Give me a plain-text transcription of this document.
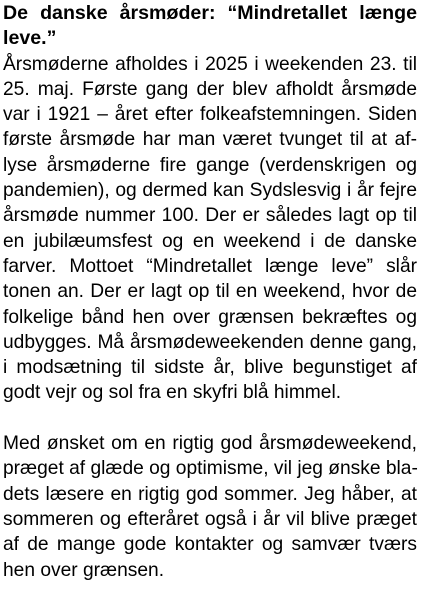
De danske årsmøder: “Mindretallet længe
leve.”

Årsmøderne afholdes i 2025 i weekenden 23. til
25. maj. Første gang der blev afholdt årsmøde
var i 1921 – året efter folkeafstemningen. Siden
første årsmøde har man været tvunget til at af-
lyse årsmøderne fire gange (verdenskrigen og
pandemien), og dermed kan Sydslesvig i år fejre
årsmøde nummer 100. Der er således lagt op til
en jubilæumsfest og en weekend i de danske
farver. Mottoet “Mindretallet længe leve” slår
tonen an. Der er lagt op til en weekend, hvor de
folkelige bånd hen over grænsen bekræftes og
udbygges. Må årsmødeweekenden denne gang,
i modsætning til sidste år, blive begunstiget af
godt vejr og sol fra en skyfri blå himmel.

Med ønsket om en rigtig god årsmødeweekend,
præget af glæde og optimisme, vil jeg ønske bla-
dets læsere en rigtig god sommer. Jeg håber, at
sommeren og efteråret også i år vil blive præget
af de mange gode kontakter og samvær tværs
hen over grænsen.
